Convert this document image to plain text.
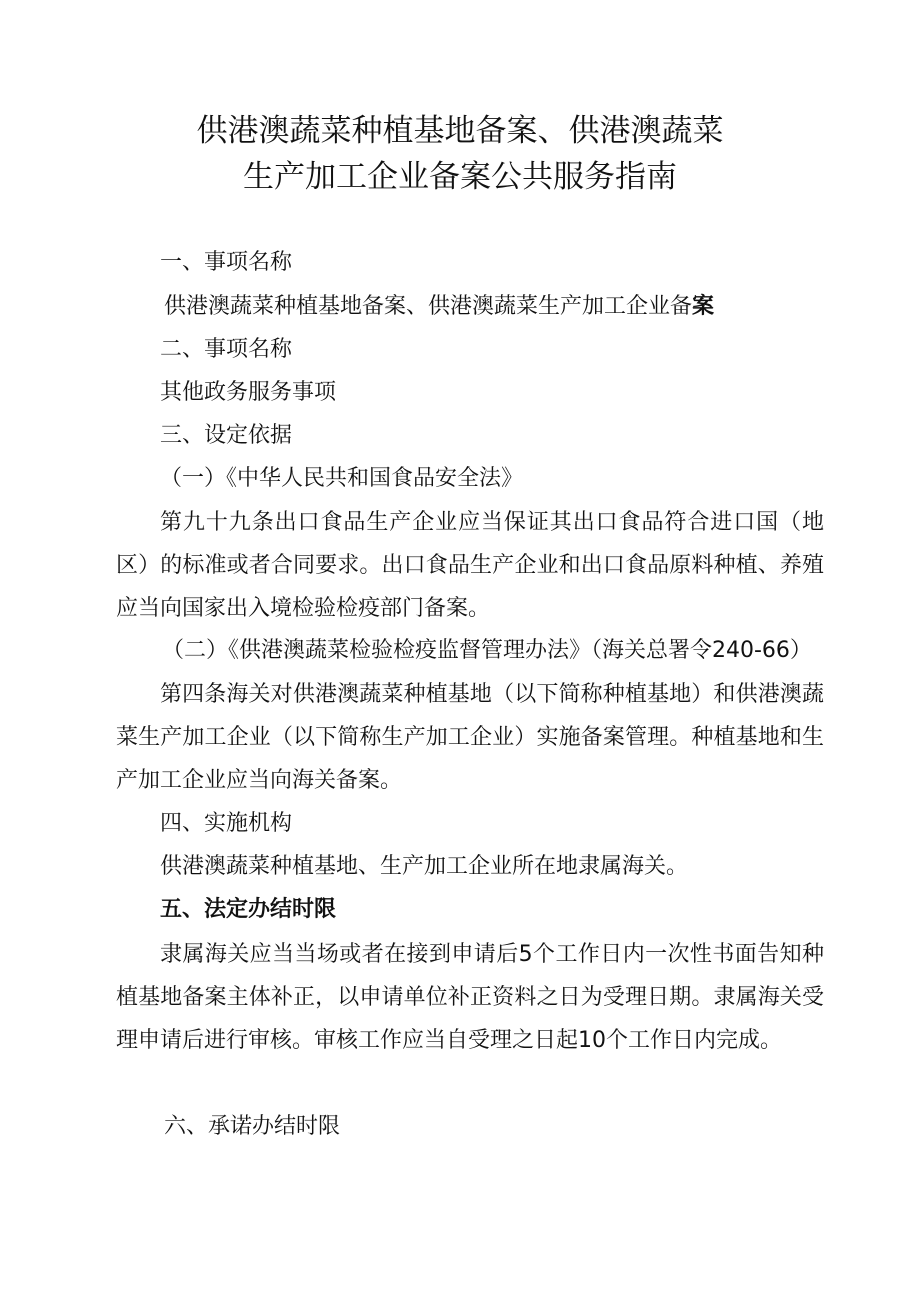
供港澳蔬菜种植基地备案、供港澳蔬菜
生产加工企业备案公共服务指南
一、事项名称
供港澳蔬菜种植基地备案、供港澳蔬菜生产加工企业备案
二、事项名称
其他政务服务事项
三、设定依据
（一）《中华人民共和国食品安全法》

第九十九条出口食品生产企业应当保证其出口食品符合进口国（地区）的标准或者合同要求。出口食品生产企业和出口食品原料种植、养殖应当向国家出入境检验检疫部门备案。

（二）《供港澳蔬菜检验检疫监督管理办法》（海关总署令240-66）

第四条海关对供港澳蔬菜种植基地（以下简称种植基地）和供港澳蔬菜生产加工企业（以下简称生产加工企业）实施备案管理。种植基地和生产加工企业应当向海关备案。

四、实施机构
供港澳蔬菜种植基地、生产加工企业所在地隶属海关。
五、法定办结时限

隶属海关应当当场或者在接到申请后5个工作日内一次性书面告知种植基地备案主体补正，以申请单位补正资料之日为受理日期。隶属海关受理申请后进行审核。审核工作应当自受理之日起10个工作日内完成。

六、承诺办结时限
